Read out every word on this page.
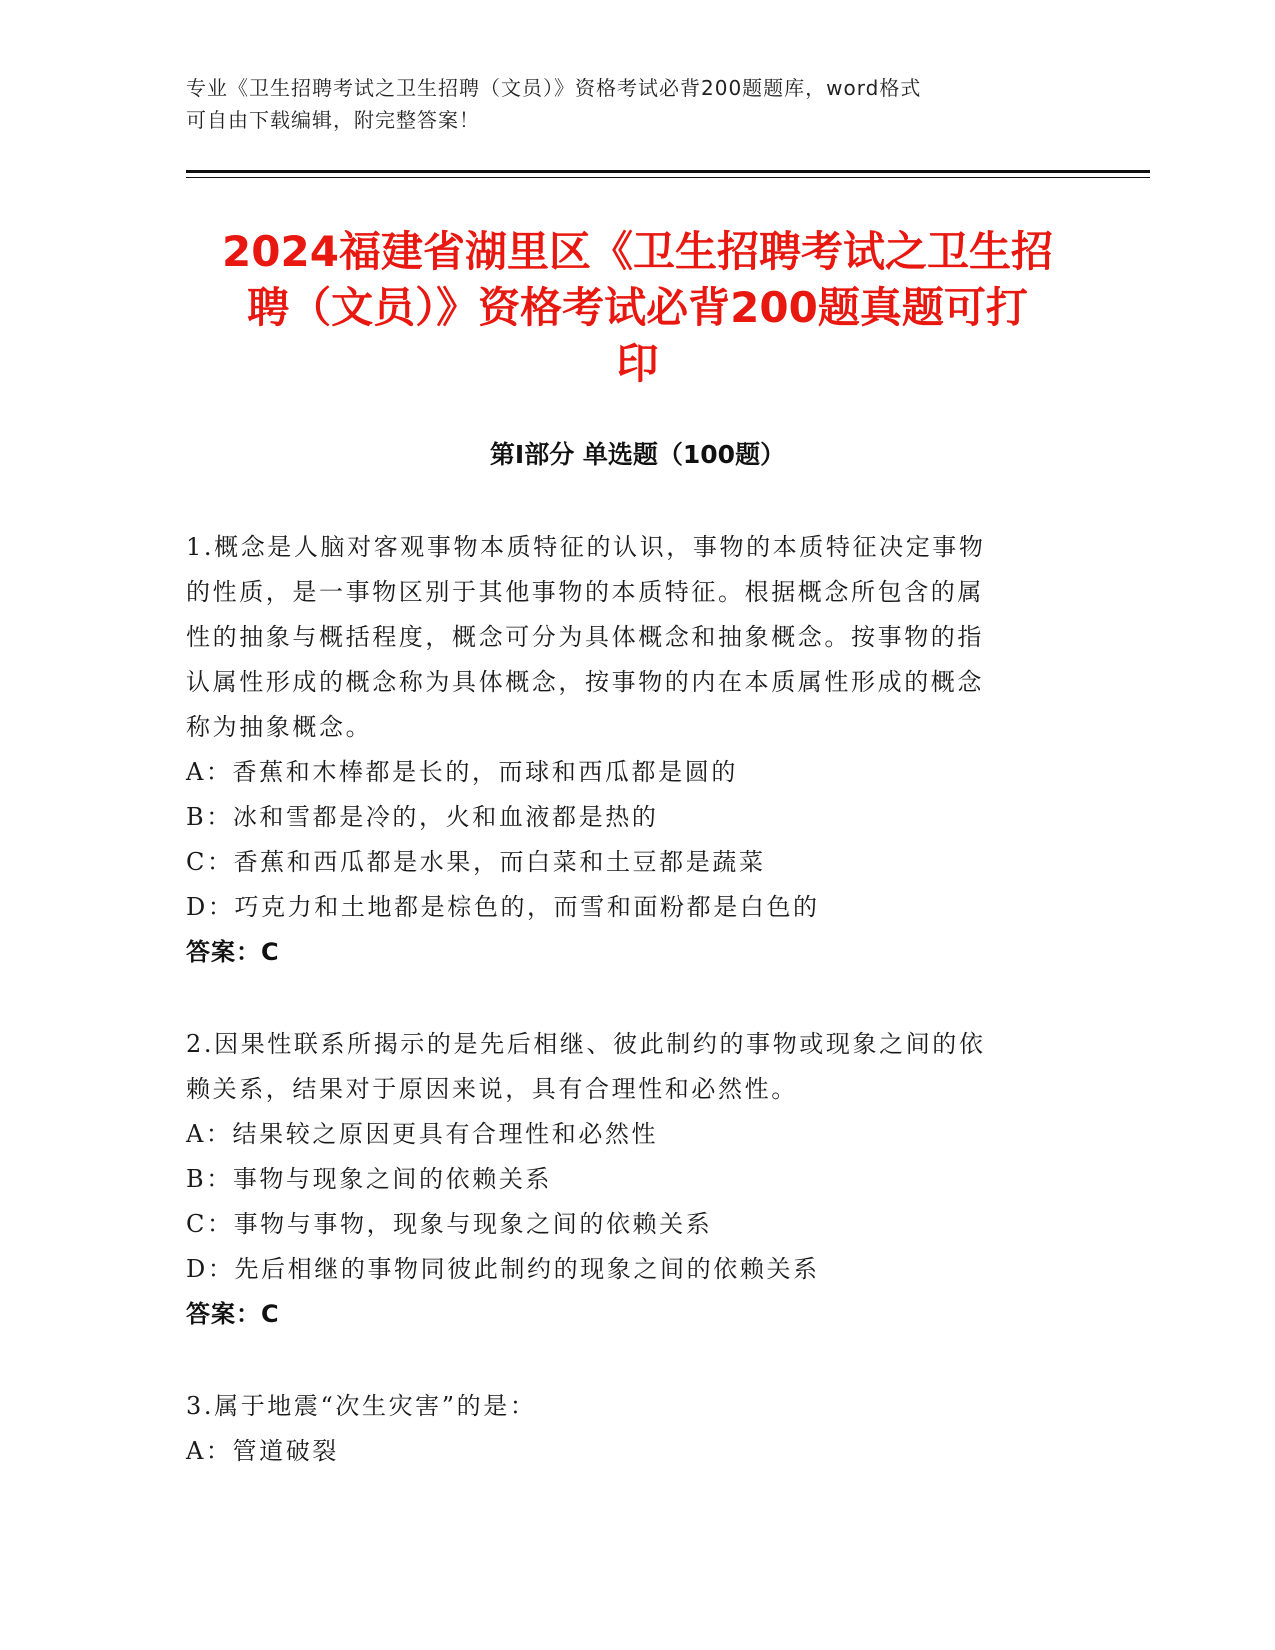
专业《卫生招聘考试之卫生招聘（文员）》资格考试必背200题题库，word格式
可自由下载编辑，附完整答案！
2024福建省湖里区《卫生招聘考试之卫生招
聘（文员）》资格考试必背200题真题可打
印
第Ⅰ部分 单选题（100题）
1.概念是人脑对客观事物本质特征的认识，事物的本质特征决定事物
的性质，是一事物区别于其他事物的本质特征。根据概念所包含的属
性的抽象与概括程度，概念可分为具体概念和抽象概念。按事物的指
认属性形成的概念称为具体概念，按事物的内在本质属性形成的概念
称为抽象概念。
A：香蕉和木棒都是长的，而球和西瓜都是圆的
B：冰和雪都是冷的，火和血液都是热的
C：香蕉和西瓜都是水果，而白菜和土豆都是蔬菜
D：巧克力和土地都是棕色的，而雪和面粉都是白色的
答案：C
2.因果性联系所揭示的是先后相继、彼此制约的事物或现象之间的依
赖关系，结果对于原因来说，具有合理性和必然性。
A：结果较之原因更具有合理性和必然性
B：事物与现象之间的依赖关系
C：事物与事物，现象与现象之间的依赖关系
D：先后相继的事物同彼此制约的现象之间的依赖关系
答案：C
3.属于地震“次生灾害”的是：
A：管道破裂
